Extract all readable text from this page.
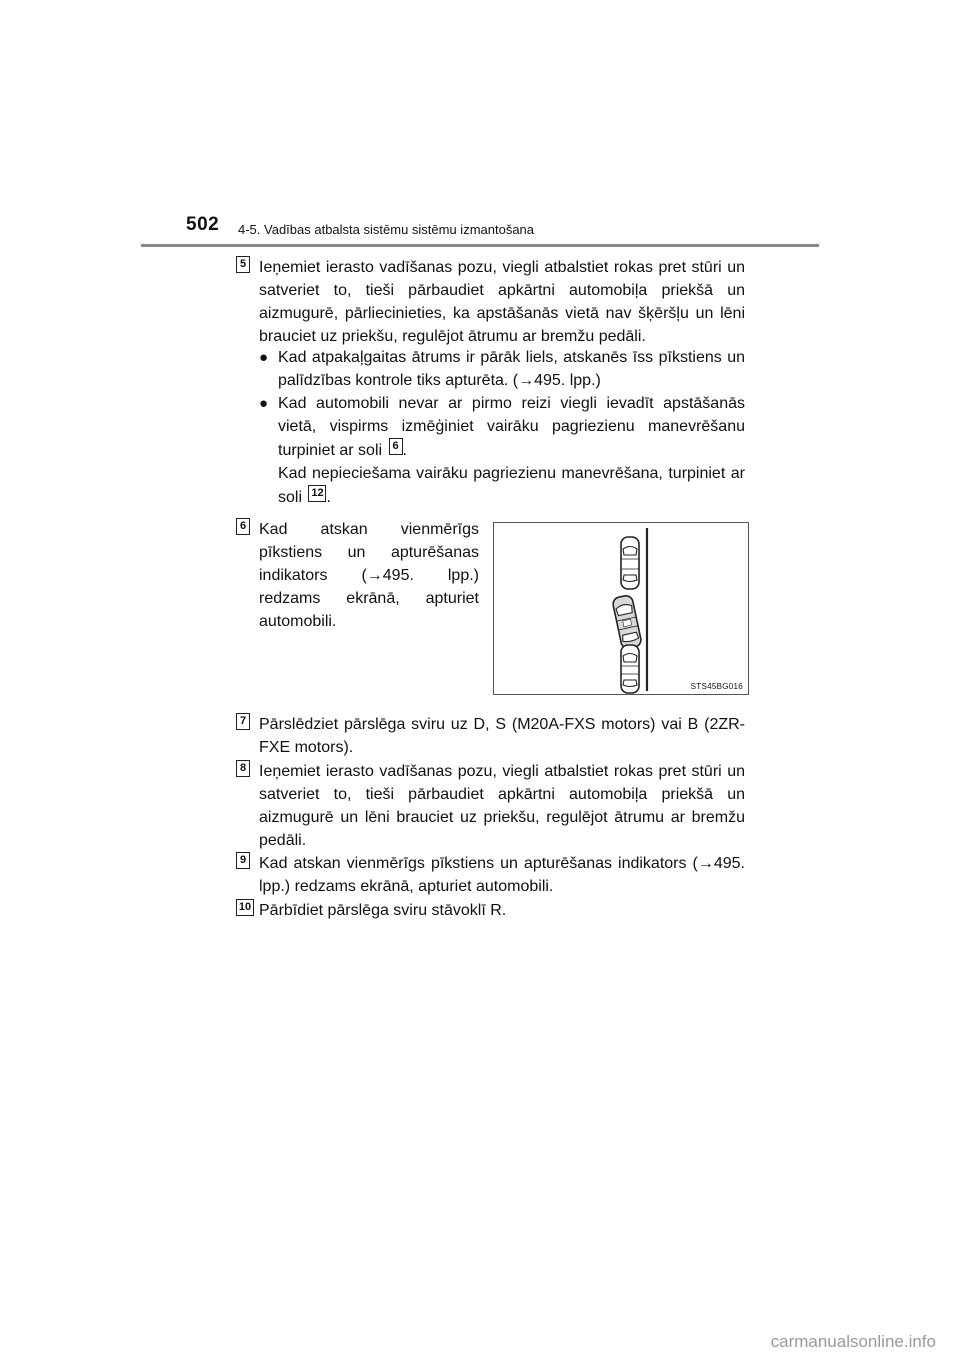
502 4-5. Vadības atbalsta sistēmu sistēmu izmantošana
5 Ieņemiet ierasto vadīšanas pozu, viegli atbalstiet rokas pret stūri un satveriet to, tieši pārbaudiet apkārtni automobiļa priekšā un aizmugurē, pārliecinieties, ka apstāšanās vietā nav šķēršļu un lēni brauciet uz priekšu, regulējot ātrumu ar bremžu pedāli.
● Kad atpakaļgaitas ātrums ir pārāk liels, atskanēs īss pīkstiens un palīdzības kontrole tiks apturēta. (→495. lpp.)
● Kad automobili nevar ar pirmo reizi viegli ievadīt apstāšanās vietā, vispirms izmēģiniet vairāku pagriezienu manevrēšanu turpiniet ar soli 6 .
Kad nepieciešama vairāku pagriezienu manevrēšana, turpiniet ar soli 12 .
6 Kad atskan vienmērīgs pīkstiens un apturēšanas indikators (→495. lpp.) redzams ekrānā, apturiet automobili.
STS45BG016
7 Pārslēdziet pārslēga sviru uz D, S (M20A-FXS motors) vai B (2ZR-FXE motors).
8 Ieņemiet ierasto vadīšanas pozu, viegli atbalstiet rokas pret stūri un satveriet to, tieši pārbaudiet apkārtni automobiļa priekšā un aizmugurē un lēni brauciet uz priekšu, regulējot ātrumu ar bremžu pedāli.
9 Kad atskan vienmērīgs pīkstiens un apturēšanas indikators (→495. lpp.) redzams ekrānā, apturiet automobili.
10 Pārbīdiet pārslēga sviru stāvoklī R.
carmanualsonline.info
